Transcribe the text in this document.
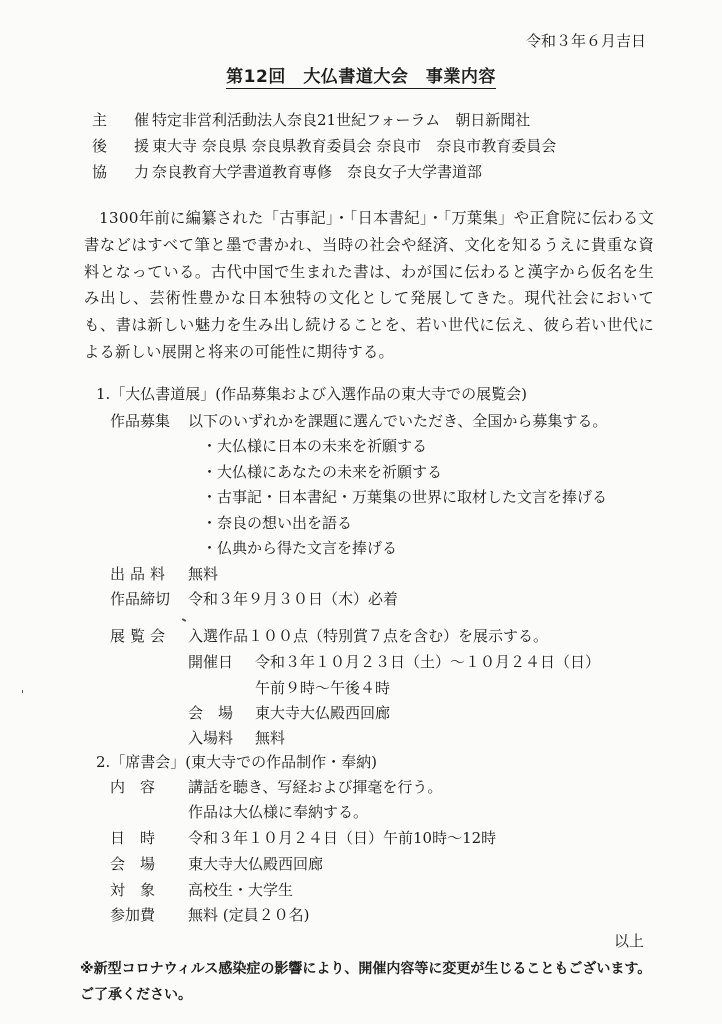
令和３年６月吉日
第12回　大仏書道大会　事業内容
主　催特定非営利活動法人奈良21世紀フォーラム　朝日新聞社
後　援東大寺 奈良県 奈良県教育委員会 奈良市　奈良市教育委員会
協　力奈良教育大学書道教育専修　奈良女子大学書道部

1300年前に編纂された「古事記」・「日本書紀」・「万葉集」や正倉院に伝わる文書などはすべて筆と墨で書かれ、当時の社会や経済、文化を知るうえに貴重な資料となっている。古代中国で生まれた書は、わが国に伝わると漢字から仮名を生み出し、芸術性豊かな日本独特の文化として発展してきた。現代社会においても、書は新しい魅力を生み出し続けることを、若い世代に伝え、彼ら若い世代による新しい展開と将来の可能性に期待する。

1.「大仏書道展」(作品募集および入選作品の東大寺での展覧会)
作品募集 以下のいずれかを課題に選んでいただき、全国から募集する。
・大仏様に日本の未来を祈願する
・大仏様にあなたの未来を祈願する
・古事記・日本書紀・万葉集の世界に取材した文言を捧げる
・奈良の想い出を語る
・仏典から得た文言を捧げる
出品料 無料
作品締切 令和３年９月３０日（木）必着
展覧会 入選作品１００点（特別賞７点を含む）を展示する。
開催日 令和３年１０月２３日（土）～１０月２４日（日）
午前９時～午後４時
会　場 東大寺大仏殿西回廊
入場料 無料
2.「席書会」(東大寺での作品制作・奉納)
内　容 講話を聴き、写経および揮毫を行う。
作品は大仏様に奉納する。
日　時 令和３年１０月２４日（日）午前10時～12時
会　場 東大寺大仏殿西回廊
対　象 高校生・大学生
参加費 無料 (定員２０名)
以上
※新型コロナウィルス感染症の影響により、開催内容等に変更が生じることもございます。
ご了承ください。
